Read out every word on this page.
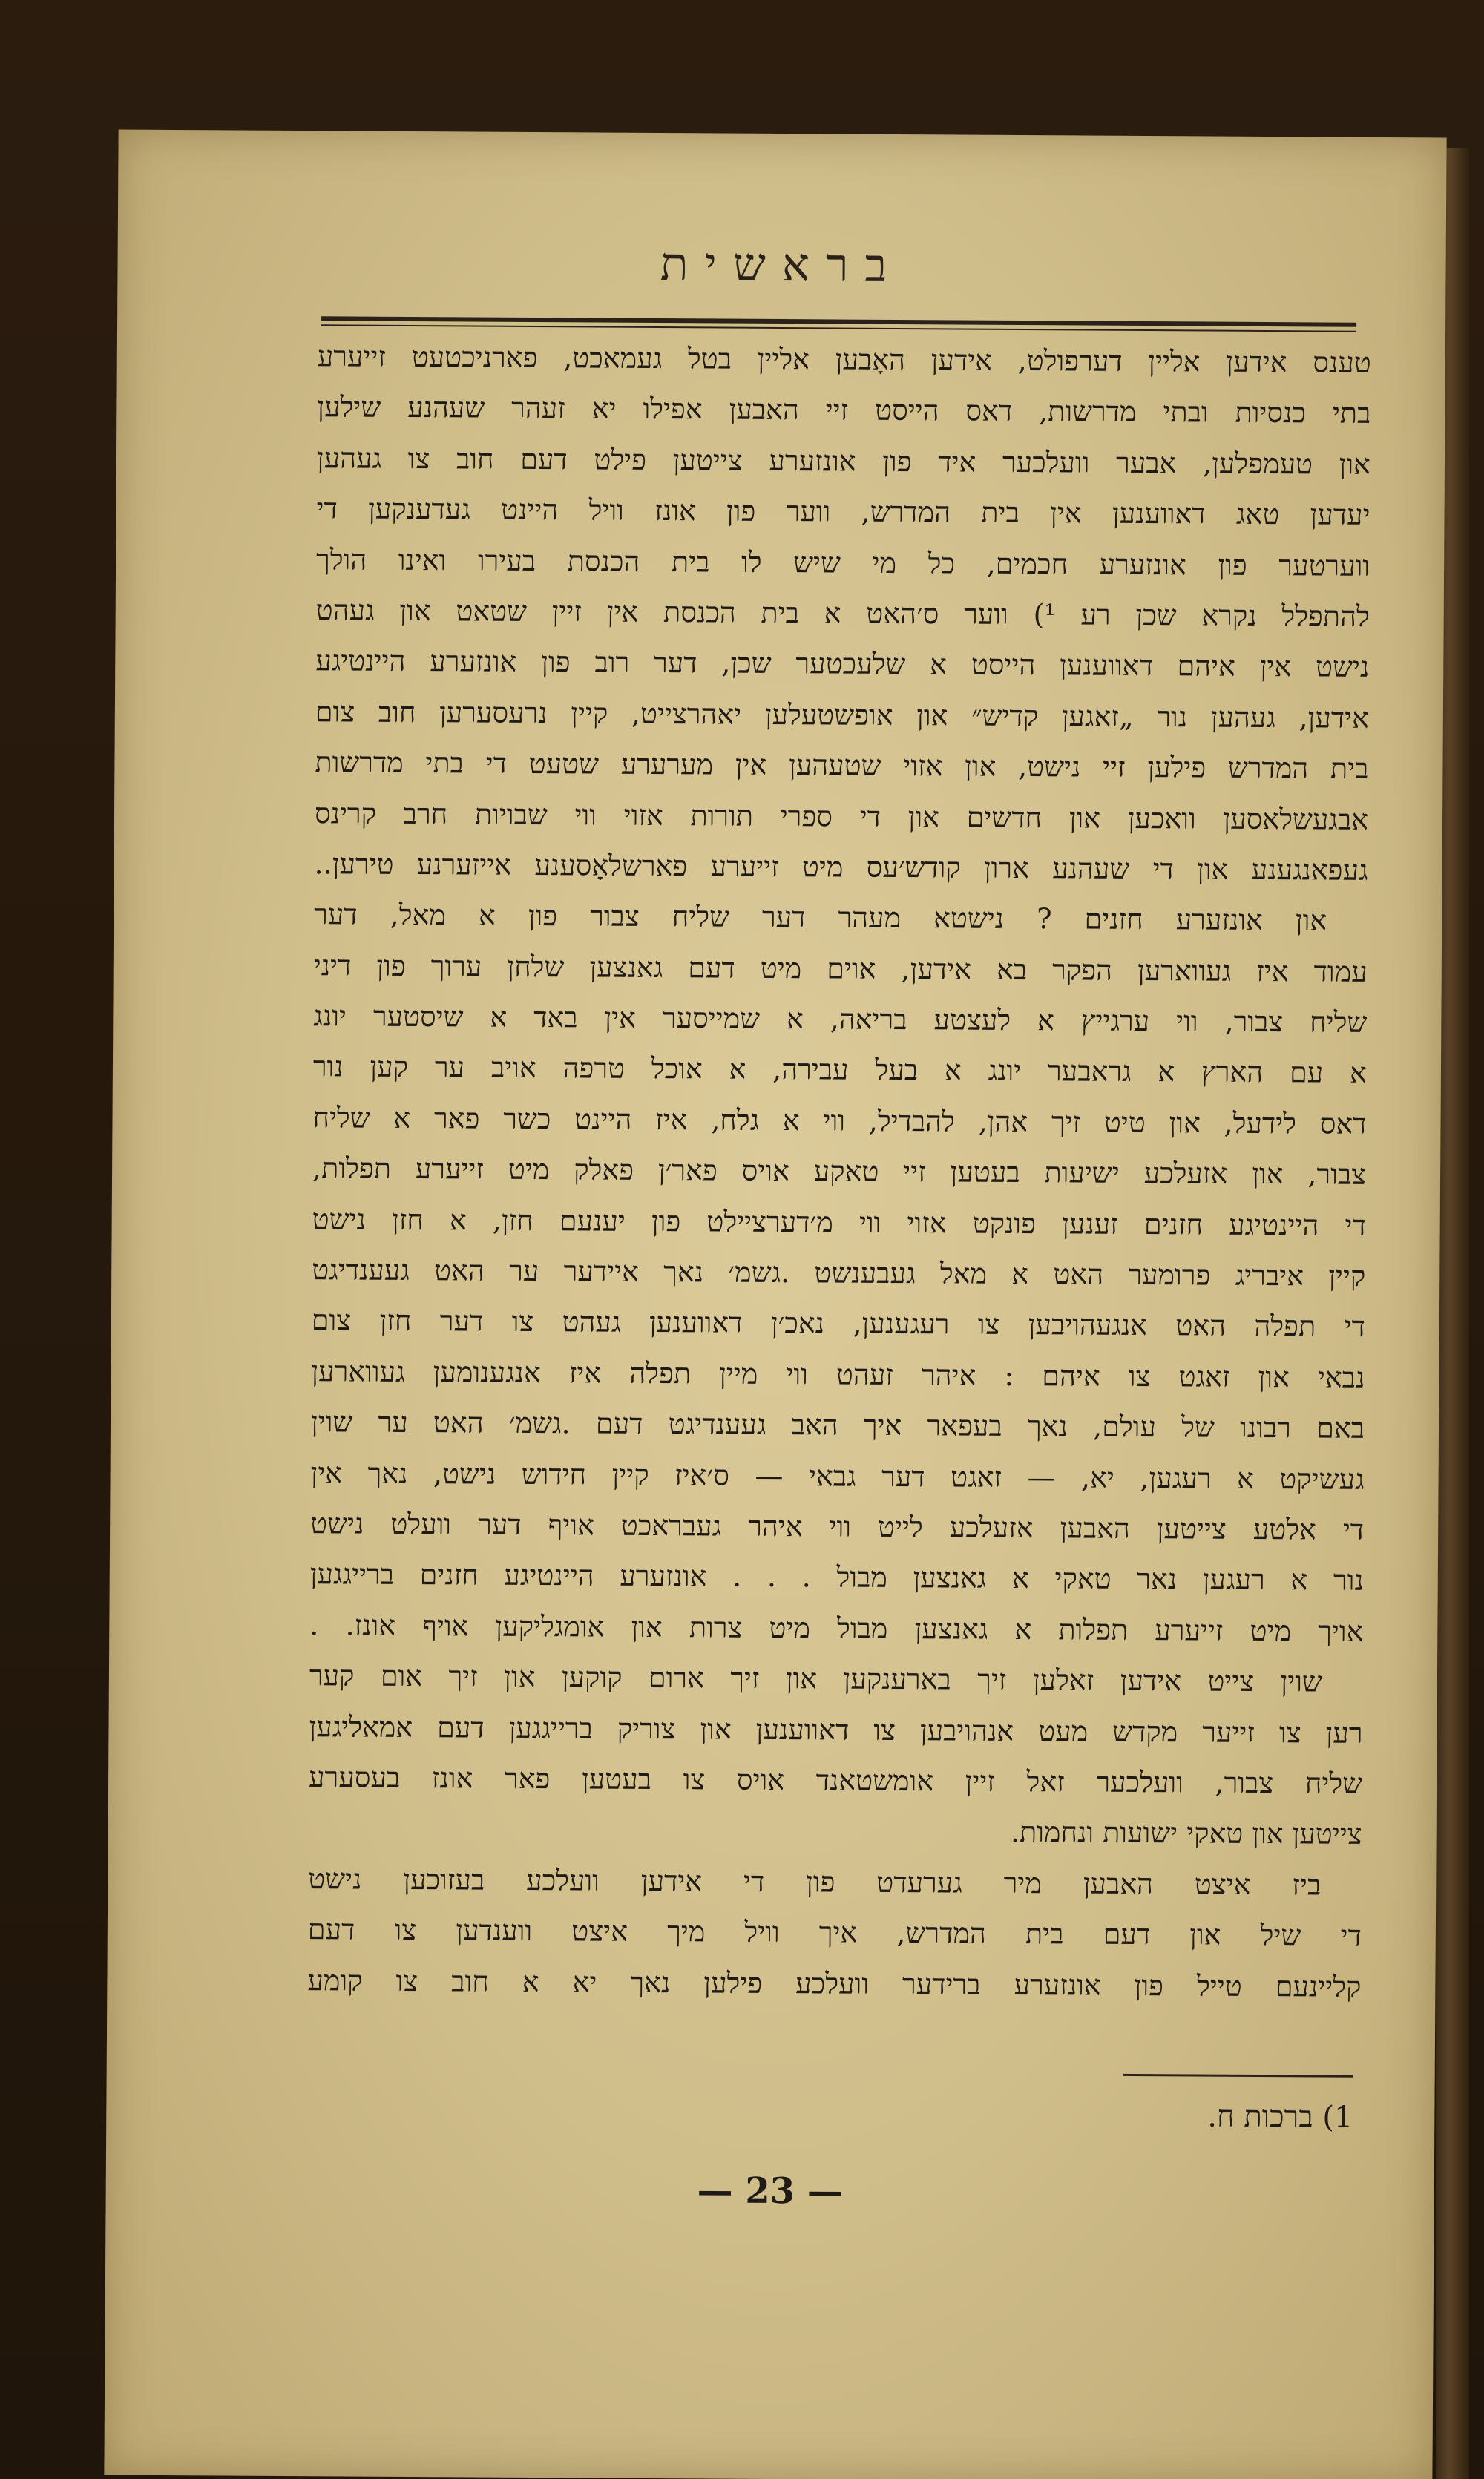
בראשית
טענס אידען אליין דערפולט, אידען האָבען אליין בטל געמאכט, פארניכטעט זייערע
בתי כנסיות ובתי מדרשות, דאס הייסט זיי האבען אפילו יא זעהר שעהנע שילען
און טעמפלען, אבער וועלכער איד פון אונזערע צייטען פילט דעם חוב צו געהען
יעדען טאג דאווענען אין בית המדרש, ווער פון אונז וויל היינט געדענקען די
ווערטער פון אונזערע חכמים, כל מי שיש לו בית הכנסת בעירו ואינו הולך
להתפלל נקרא שכן רע ¹) ווער ס׳האט א בית הכנסת אין זיין שטאט און געהט
נישט אין איהם דאווענען הייסט א שלעכטער שכן, דער רוב פון אונזערע היינטיגע
אידען, געהען נור „זאגען קדיש״ און אופשטעלען יאהרצייט, קיין נרעסערען חוב צום
בית המדרש פילען זיי נישט, און אזוי שטעהען אין מערערע שטעט די בתי מדרשות
אבגעשלאסען וואכען און חדשים און די ספרי תורות אזוי ווי שבויות חרב קרינס
געפאנגענע און די שעהנע ארון קודש׳עס מיט זייערע פארשלאָסענע אייזערנע טירען..
און אונזערע חזנים ? נישטא מעהר דער שליח צבור פון א מאל, דער
עמוד איז געווארען הפקר בא אידען, אוים מיט דעם גאנצען שלחן ערוך פון דיני
שליח צבור, ווי ערגייץ א לעצטע בריאה, א שמייסער אין באד א שיסטער יונג
א עם הארץ א גראבער יונג א בעל עבירה, א אוכל טרפה אויב ער קען נור
דאס לידעל, און טיט זיך אהן, להבדיל, ווי א גלח, איז היינט כשר פאר א שליח
צבור, און אזעלכע ישיעות בעטען זיי טאקע אויס פאר׳ן פאלק מיט זייערע תפלות,
די היינטיגע חזנים זענען פונקט אזוי ווי מ׳דערציילט פון יענעם חזן, א חזן נישט
קיין איבריג פרומער האט א מאל געבענשט .גשמ׳ נאך איידער ער האט געענדיגט
די תפלה האט אנגעהויבען צו רעגענען, נאכ׳ן דאווענען געהט צו דער חזן צום
נבאי און זאגט צו איהם : איהר זעהט ווי מיין תפלה איז אנגענומען געווארען
באם רבונו של עולם, נאך בעפאר איך האב געענדיגט דעם .גשמ׳ האט ער שוין
געשיקט א רעגען, יא, — זאגט דער גבאי — ס׳איז קיין חידוש נישט, נאך אין
די אלטע צייטען האבען אזעלכע לייט ווי איהר געבראכט אויף דער וועלט נישט
נור א רעגען נאר טאקי א גאנצען מבול . . . אונזערע היינטיגע חזנים ברייגגען
אויך מיט זייערע תפלות א גאנצען מבול מיט צרות און אומגליקען אויף אונז. .
שוין צייט אידען זאלען זיך בארענקען און זיך ארום קוקען און זיך אום קער
רען צו זייער מקדש מעט אנהויבען צו דאווענען און צוריק ברייגגען דעם אמאליגען
שליח צבור, וועלכער זאל זיין אומשטאנד אויס צו בעטען פאר אונז בעסערע
צייטען און טאקי ישועות ונחמות.
ביז איצט האבען מיר גערעדט פון די אידען וועלכע בעזוכען נישט
די שיל און דעם בית המדרש, איך וויל מיך איצט ווענדען צו דעם
קליינעם טייל פון אונזערע ברידער וועלכע פילען נאך יא א חוב צו קומע
1) ברכות ח.
— 23 —
